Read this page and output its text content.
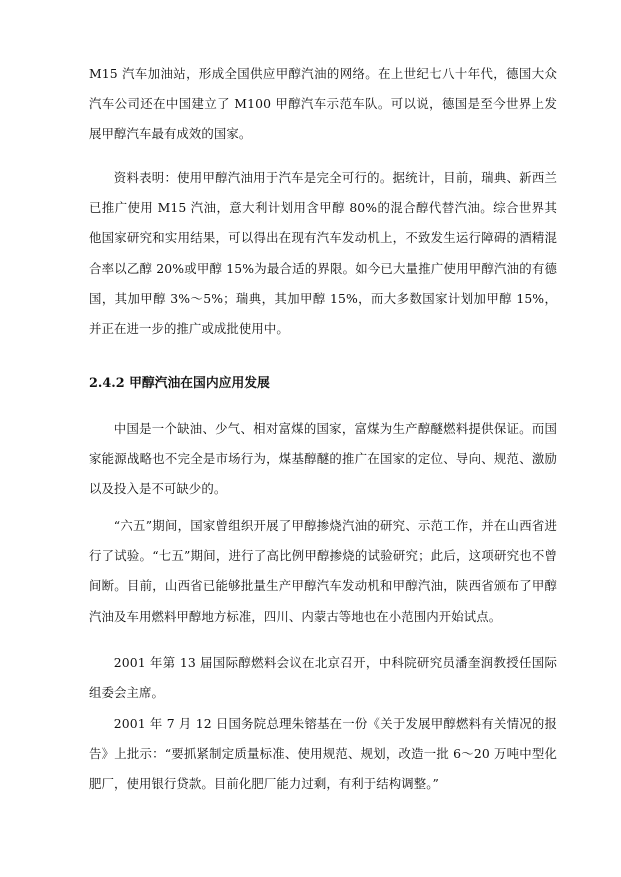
M15 汽车加油站，形成全国供应甲醇汽油的网络。在上世纪七八十年代，德国大众汽车公司还在中国建立了 M100 甲醇汽车示范车队。可以说，德国是至今世界上发展甲醇汽车最有成效的国家。

资料表明：使用甲醇汽油用于汽车是完全可行的。据统计，目前，瑞典、新西兰已推广使用 M15 汽油，意大利计划用含甲醇 80%的混合醇代替汽油。综合世界其他国家研究和实用结果，可以得出在现有汽车发动机上，不致发生运行障碍的酒精混合率以乙醇 20%或甲醇 15%为最合适的界限。如今已大量推广使用甲醇汽油的有德国，其加甲醇 3%～5%；瑞典，其加甲醇 15%，而大多数国家计划加甲醇 15%，并正在进一步的推广或成批使用中。

2.4.2 甲醇汽油在国内应用发展

中国是一个缺油、少气、相对富煤的国家，富煤为生产醇醚燃料提供保证。而国家能源战略也不完全是市场行为，煤基醇醚的推广在国家的定位、导向、规范、激励以及投入是不可缺少的。

“六五”期间，国家曾组织开展了甲醇掺烧汽油的研究、示范工作，并在山西省进行了试验。“七五”期间，进行了高比例甲醇掺烧的试验研究；此后，这项研究也不曾间断。目前，山西省已能够批量生产甲醇汽车发动机和甲醇汽油，陕西省颁布了甲醇汽油及车用燃料甲醇地方标准，四川、内蒙古等地也在小范围内开始试点。

2001 年第 13 届国际醇燃料会议在北京召开，中科院研究员潘奎润教授任国际组委会主席。

2001 年 7 月 12 日国务院总理朱镕基在一份《关于发展甲醇燃料有关情况的报告》上批示：“要抓紧制定质量标准、使用规范、规划，改造一批 6～20 万吨中型化肥厂，使用银行贷款。目前化肥厂能力过剩，有利于结构调整。”
